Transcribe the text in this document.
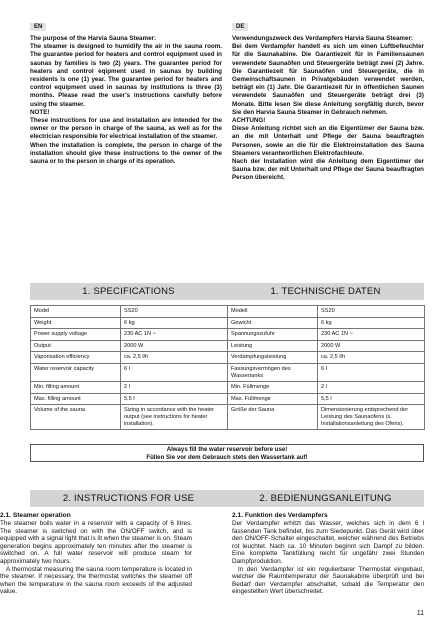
EN

The purpose of the Harvia Sauna Steamer:

The steamer is designed to humidify the air in the sauna room. The guarantee period for heaters and control equipment used in saunas by families is two (2) years. The guarantee period for heaters and control eqipment used in saunas by building residents is one (1) year. The guarantee period for heaters and control equipment used in saunas by institutions is three (3) months. Please read the user's instructions carefully before using the steamer.

NOTE!

These instructions for use and installation are intended for the owner or the person in charge of the sauna, as well as for the electrician responsible for electrical installation of the steamer.

When the installation is complete, the person in charge of the installation should give these instructions to the owner of the sauna or to the person in charge of its operation.

DE

Verwendungszweck des Verdampfers Harvia Sauna Steamer:

Bei dem Verdampfer handelt es sich um einen Luftbefeuchter für die Saunakabine. Die Garantiezeit für in Familiensaunen verwendete Saunaöfen und Steuergeräte beträgt zwei (2) Jahre. Die Garantiezeit für Saunaöfen und Steuergeräte, die in Gemeinschaftsaunen in Privatgebäuden verwendet werden, beträgt ein (1) Jahr. Die Garantiezeit für in öffentlichen Saunen verwendete Saunaöfen und Steuergeräte beträgt drei (3) Monate. Bitte lesen Sie diese Anleitung sorgfältig durch, bevor Sie den Harvia Sauna Steamer in Gebrauch nehmen.

ACHTUNG!

Diese Anleitung richtet sich an die Eigentümer der Sauna bzw. an die mit Unterhalt und Pflege der Sauna beauftragten Personen, sowie an die für die Elektroinstallation des Sauna Steamers verantwortlichen Elektrofachleute.

Nach der Installation wird die Anleitung dem Eigentümer der Sauna bzw. der mit Unterhalt und Pflege der Sauna beauftragten Person übereicht.

1. SPECIFICATIONS	1. TECHNISCHE DATEN
Model	SS20	Modell	SS20
Weight	6 kg	Gewicht	6 kg
Power supply voltage	230 AC 1N ~	Spannungszufuhr	230 AC 1N ~
Output	2000 W	Leistung	2000 W
Vaporisation efficiency	ca. 2,5 l/h	Verdampfungsleistung	ca. 2,5 l/h
Water reservoir capacity	6 l	Fassungsvermögen des Wassertanks	6 l
Min. filling amount	2 l	Min. Füllmenge	2 l
Max. filling amount	5,5 l	Max. Füllmenge	5,5 l
Volume of the sauna	Sizing in accordance with the heater output (see instructions for heater installation).	Größe der Sauna	Dimensionierung entsprechend der Leistung des Saunaofens (s. Installationsanleitung des Ofens).
Always fill the water reservoir before use!
Füllen Sie vor dem Gebrauch stets den Wassertank auf!
2. INSTRUCTIONS FOR USE	2. BEDIENUNGSANLEITUNG

2.1. Steamer operation

The steamer boils water in a reservoir with a capacity of 6 litres. The steamer is switched on with the ON/OFF switch, and is equipped with a signal light that is lit when the steamer is on. Steam generation begins approximately ten minutes after the steamer is switched on. A full water reservoir will produce steam for approximately two hours.

A thermostat measuring the sauna room temperature is located in the steamer. If necessary, the thermostat switches the steamer off when the temperature in the sauna room exceeds of the adjusted value.

2.1. Funktion des Verdampfers

Der Verdampfer erhitzt das Wasser, welches sich in dem 6 l fassenden Tank befindet, bis zum Siedepunkt. Das Gerät wird über den ON/OFF-Schalter eingeschaltet, welcher während des Betriebs rot leuchtet. Nach ca. 10 Minuten beginnt sich Dampf zu bilden. Eine komplette Tankfüllung reicht für ungefähr zwei Stunden Dampfproduktion.

In den Verdampfer ist ein regulierbarer Thermostat eingebaut, welcher die Raumtemperatur der Saunakabine überprüft und bei Bedarf den Verdampfer abschaltet, sobald die Temperatur den eingestellten Wert überschreitet.

11
